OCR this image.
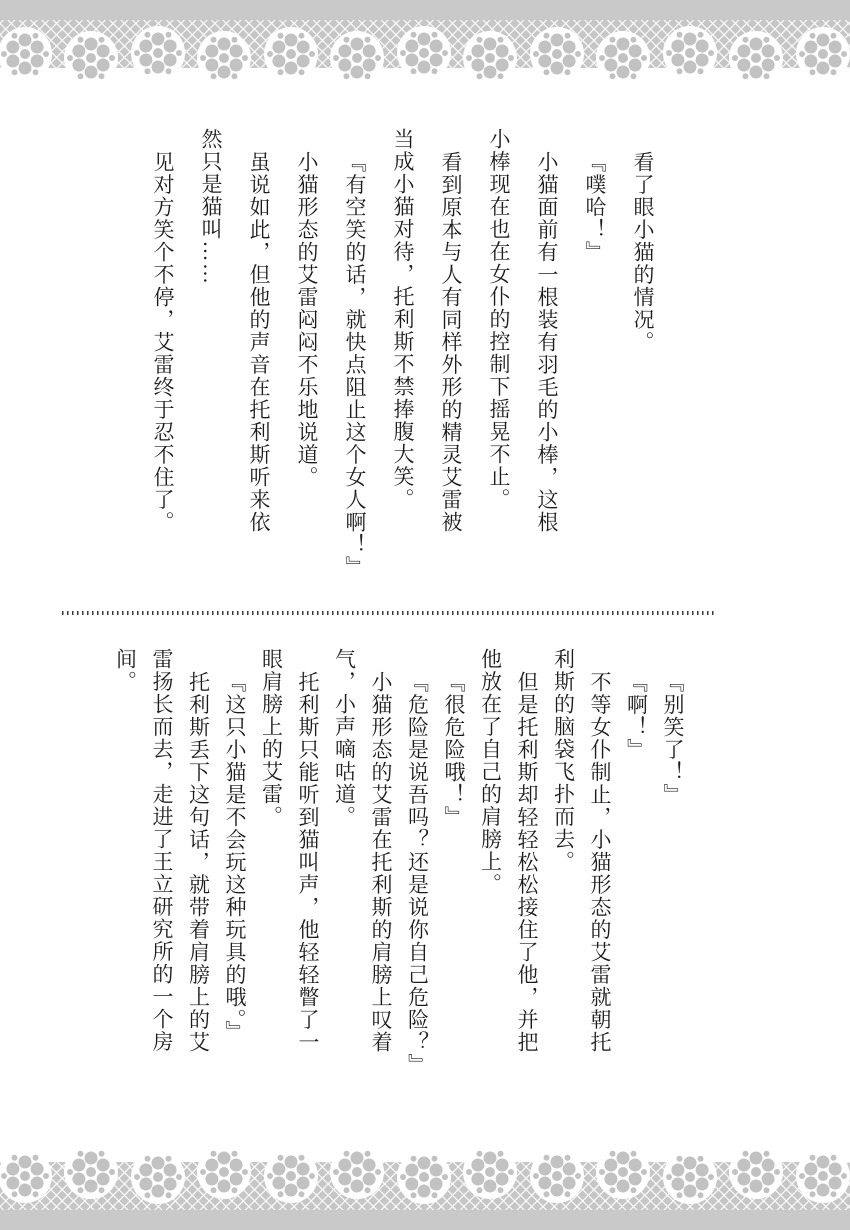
看了眼小猫的情况。

『噗哈！』

小猫面前有一根装有羽毛的小棒，这根

小棒现在也在女仆的控制下摇晃不止。

看到原本与人有同样外形的精灵艾雷被

当成小猫对待，托利斯不禁捧腹大笑。

『有空笑的话，就快点阻止这个女人啊！』

小猫形态的艾雷闷闷不乐地说道。

虽说如此，但他的声音在托利斯听来依

然只是猫叫……

见对方笑个不停，艾雷终于忍不住了。

『别笑了！』

『啊！』

不等女仆制止，小猫形态的艾雷就朝托

利斯的脑袋飞扑而去。

但是托利斯却轻轻松松接住了他，并把

他放在了自己的肩膀上。

『很危险哦！』

『危险是说吾吗？还是说你自己危险？』

小猫形态的艾雷在托利斯的肩膀上叹着

气，小声嘀咕道。

托利斯只能听到猫叫声，他轻轻瞥了一

眼肩膀上的艾雷。

『这只小猫是不会玩这种玩具的哦。』

托利斯丢下这句话，就带着肩膀上的艾

雷扬长而去，走进了王立研究所的一个房

间。
